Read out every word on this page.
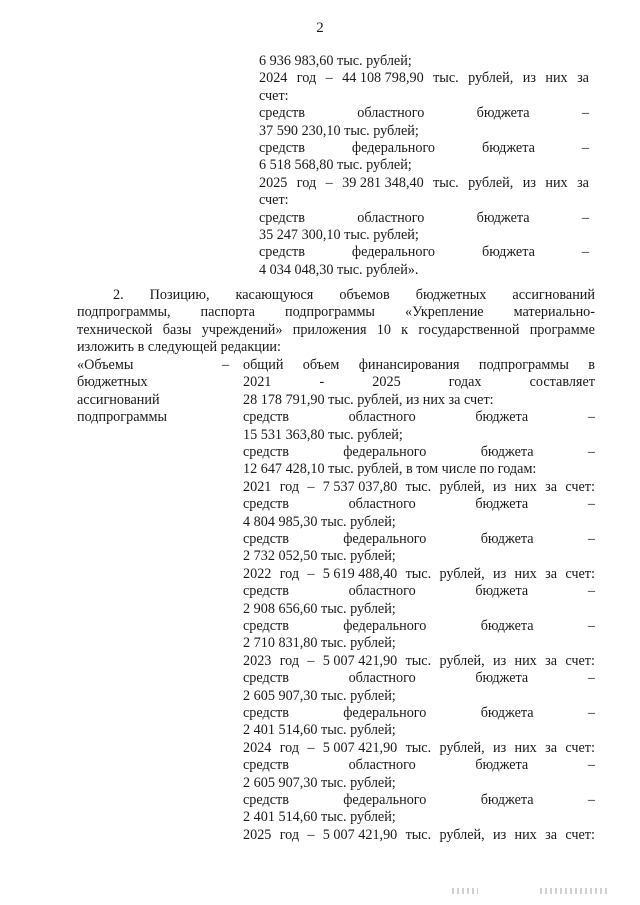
2
6 936 983,60 тыс. рублей;
2024 год – 44 108 798,90 тыс. рублей, из них за
счет:
средств	областного	бюджета	–
37 590 230,10 тыс. рублей;
средств	федерального	бюджета	–
6 518 568,80 тыс. рублей;
2025 год – 39 281 348,40 тыс. рублей, из них за
счет:
средств	областного	бюджета	–
35 247 300,10 тыс. рублей;
средств	федерального	бюджета	–
4 034 048,30 тыс. рублей».
2. Позицию, касающуюся объемов бюджетных ассигнований
подпрограммы, паспорта подпрограммы «Укрепление материально-
технической базы учреждений» приложения 10 к государственной программе
изложить в следующей редакции:
«Объемы
бюджетных
ассигнований
подпрограммы
– общий объем финансирования подпрограммы в
2021	-	2025	годах	составляет
28 178 791,90 тыс. рублей, из них за счет:
средств	областного	бюджета	–
15 531 363,80 тыс. рублей;
средств	федерального	бюджета	–
12 647 428,10 тыс. рублей, в том числе по годам:
2021 год – 7 537 037,80 тыс. рублей, из них за счет:
средств	областного	бюджета	–
4 804 985,30 тыс. рублей;
средств	федерального	бюджета	–
2 732 052,50 тыс. рублей;
2022 год – 5 619 488,40 тыс. рублей, из них за счет:
средств	областного	бюджета	–
2 908 656,60 тыс. рублей;
средств	федерального	бюджета	–
2 710 831,80 тыс. рублей;
2023 год – 5 007 421,90 тыс. рублей, из них за счет:
средств	областного	бюджета	–
2 605 907,30 тыс. рублей;
средств	федерального	бюджета	–
2 401 514,60 тыс. рублей;
2024 год – 5 007 421,90 тыс. рублей, из них за счет:
средств	областного	бюджета	–
2 605 907,30 тыс. рублей;
средств	федерального	бюджета	–
2 401 514,60 тыс. рублей;
2025 год – 5 007 421,90 тыс. рублей, из них за счет:
